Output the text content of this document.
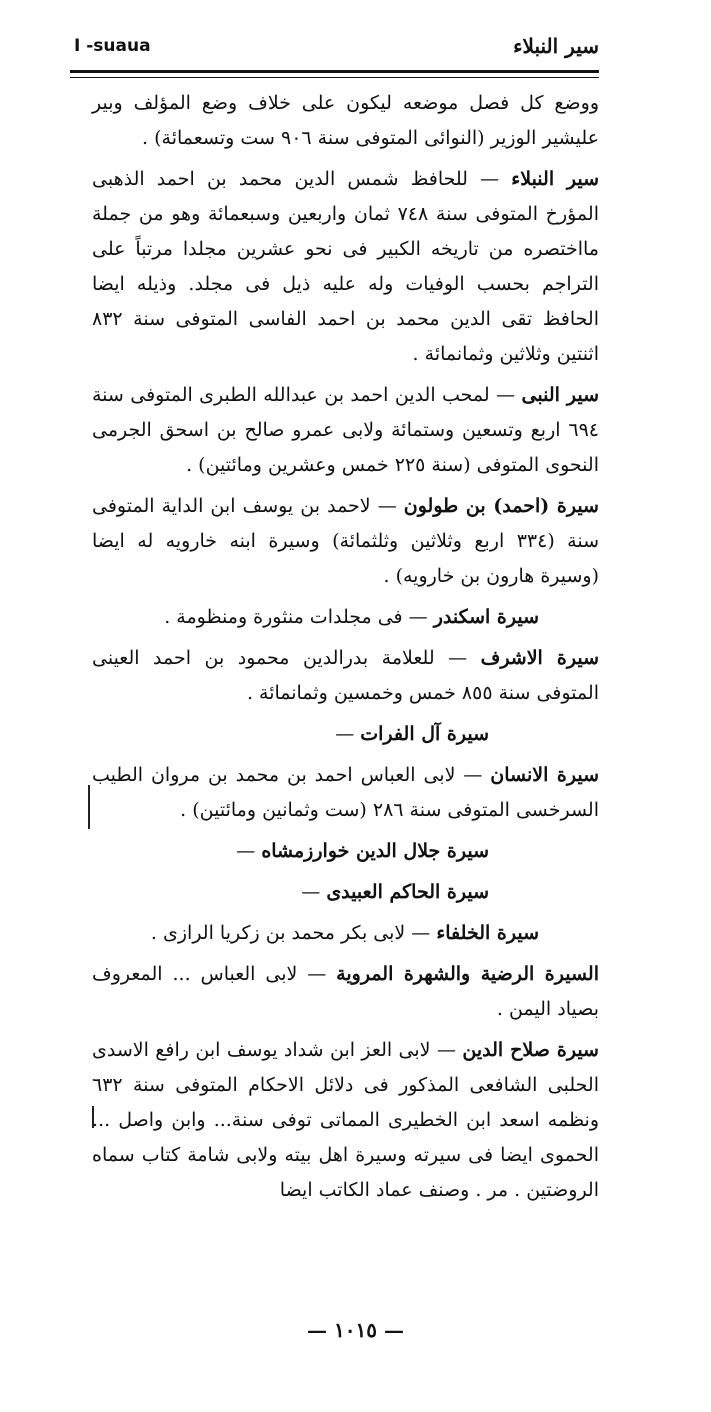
I -suaua	سير النبلاء

ووضع كل فصل موضعه ليكون على خلاف وضع المؤلف وبير عليشير الوزير (النوائى المتوفى سنة ٩٠٦ ست وتسعمائة) .

سير النبلاء — للحافظ شمس الدين محمد بن احمد الذهبى المؤرخ المتوفى سنة ٧٤٨ ثمان واربعين وسبعمائة وهو من جملة مااختصره من تاريخه الكبير فى نحو عشرين مجلدا مرتباً على التراجم بحسب الوفيات وله عليه ذيل فى مجلد. وذيله ايضا الحافظ تقى الدين محمد بن احمد الفاسى المتوفى سنة ٨٣٢ اثنتين وثلاثين وثمانمائة .

سير النبى — لمحب الدين احمد بن عبدالله الطبرى المتوفى سنة ٦٩٤ اربع وتسعين وستمائة ولابى عمرو صالح بن اسحق الجرمى النحوى المتوفى (سنة ٢٢٥ خمس وعشرين ومائتين) .

سيرة (احمد) بن طولون — لاحمد بن يوسف ابن الداية المتوفى سنة (٣٣٤ اربع وثلاثين وثلثمائة) وسيرة ابنه خارويه له ايضا (وسيرة هارون بن خارويه) .

سيرة اسكندر — فى مجلدات منثورة ومنظومة .

سيرة الاشرف — للعلامة بدرالدين محمود بن احمد العينى المتوفى سنة ٨٥٥ خمس وخمسين وثمانمائة .

سيرة آل الفرات —

سيرة الانسان — لابى العباس احمد بن محمد بن مروان الطيب السرخسى المتوفى سنة ٢٨٦ (ست وثمانين ومائتين) .

سيرة جلال الدين خوارزمشاه —

سيرة الحاكم العبيدى —

سيرة الخلفاء — لابى بكر محمد بن زكريا الرازى .

السيرة الرضية والشهرة المروية — لابى العباس ... المعروف بصياد اليمن .

سيرة صلاح الدين — لابى العز ابن شداد يوسف ابن رافع الاسدى الحلبى الشافعى المذكور فى دلائل الاحكام المتوفى سنة ٦٣٢ ونظمه اسعد ابن الخطيرى المماتى توفى سنة... وابن واصل ... الحموى ايضا فى سيرته وسيرة اهل بيته ولابى شامة كتاب سماه الروضتين . مر . وصنف عماد الكاتب ايضا

— ١٠١٥ —
